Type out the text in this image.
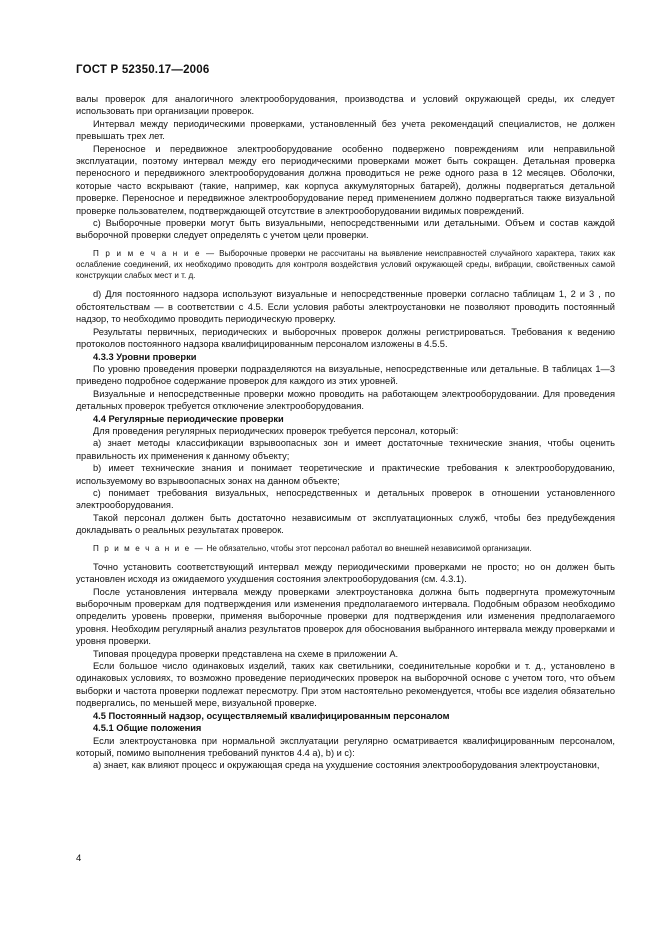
ГОСТ Р 52350.17—2006

валы проверок для аналогичного электрооборудования, производства и условий окружающей среды, их следует использовать при организации проверок.

Интервал между периодическими проверками, установленный без учета рекомендаций специалистов, не должен превышать трех лет.

Переносное и передвижное электрооборудование особенно подвержено повреждениям или неправильной эксплуатации, поэтому интервал между его периодическими проверками может быть сокращен. Детальная проверка переносного и передвижного электрооборудования должна проводиться не реже одного раза в 12 месяцев. Оболочки, которые часто вскрывают (такие, например, как корпуса аккумуляторных батарей), должны подвергаться детальной проверке. Переносное и передвижное электрооборудование перед применением должно подвергаться также визуальной проверке пользователем, подтверждающей отсутствие в электрооборудовании видимых повреждений.

с) Выборочные проверки могут быть визуальными, непосредственными или детальными. Объем и состав каждой выборочной проверки следует определять с учетом цели проверки.

П р и м е ч а н и е — Выборочные проверки не рассчитаны на выявление неисправностей случайного характера, таких как ослабление соединений, их необходимо проводить для контроля воздействия условий окружающей среды, вибрации, свойственных самой конструкции слабых мест и т. д.

d) Для постоянного надзора используют визуальные и непосредственные проверки согласно таблицам 1, 2 и 3 , по обстоятельствам — в соответствии с 4.5. Если условия работы электроустановки не позволяют проводить постоянный надзор, то необходимо проводить периодическую проверку.

Результаты первичных, периодических и выборочных проверок должны регистрироваться. Требования к ведению протоколов постоянного надзора квалифицированным персоналом изложены в 4.5.5.

4.3.3 Уровни проверки

По уровню проведения проверки подразделяются на визуальные, непосредственные или детальные. В таблицах 1—3 приведено подробное содержание проверок для каждого из этих уровней.

Визуальные и непосредственные проверки можно проводить на работающем электрооборудовании. Для проведения детальных проверок требуется отключение электрооборудования.

4.4 Регулярные периодические проверки

Для проведения регулярных периодических проверок требуется персонал, который:

а) знает методы классификации взрывоопасных зон и имеет достаточные технические знания, чтобы оценить правильность их применения к данному объекту;

b) имеет технические знания и понимает теоретические и практические требования к электрооборудованию, используемому во взрывоопасных зонах на данном объекте;

с) понимает требования визуальных, непосредственных и детальных проверок в отношении установленного электрооборудования.

Такой персонал должен быть достаточно независимым от эксплуатационных служб, чтобы без предубеждения докладывать о реальных результатах проверок.

П р и м е ч а н и е — Не обязательно, чтобы этот персонал работал во внешней независимой организации.

Точно установить соответствующий интервал между периодическими проверками не просто; но он должен быть установлен исходя из ожидаемого ухудшения состояния электрооборудования (см. 4.3.1).

После установления интервала между проверками электроустановка должна быть подвергнута промежуточным выборочным проверкам для подтверждения или изменения предполагаемого интервала. Подобным образом необходимо определить уровень проверки, применяя выборочные проверки для подтверждения или изменения предполагаемого уровня. Необходим регулярный анализ результатов проверок для обоснования выбранного интервала между проверками и уровня проверки.

Типовая процедура проверки представлена на схеме в приложении А.

Если большое число одинаковых изделий, таких как светильники, соединительные коробки и т. д., установлено в одинаковых условиях, то возможно проведение периодических проверок на выборочной основе с учетом того, что объем выборки и частота проверки подлежат пересмотру. При этом настоятельно рекомендуется, чтобы все изделия обязательно подвергались, по меньшей мере, визуальной проверке.

4.5 Постоянный надзор, осуществляемый квалифицированным персоналом

4.5.1 Общие положения

Если электроустановка при нормальной эксплуатации регулярно осматривается квалифицированным персоналом, который, помимо выполнения требований пунктов 4.4 а), b) и с):

а) знает, как влияют процесс и окружающая среда на ухудшение состояния электрооборудования электроустановки,

4
